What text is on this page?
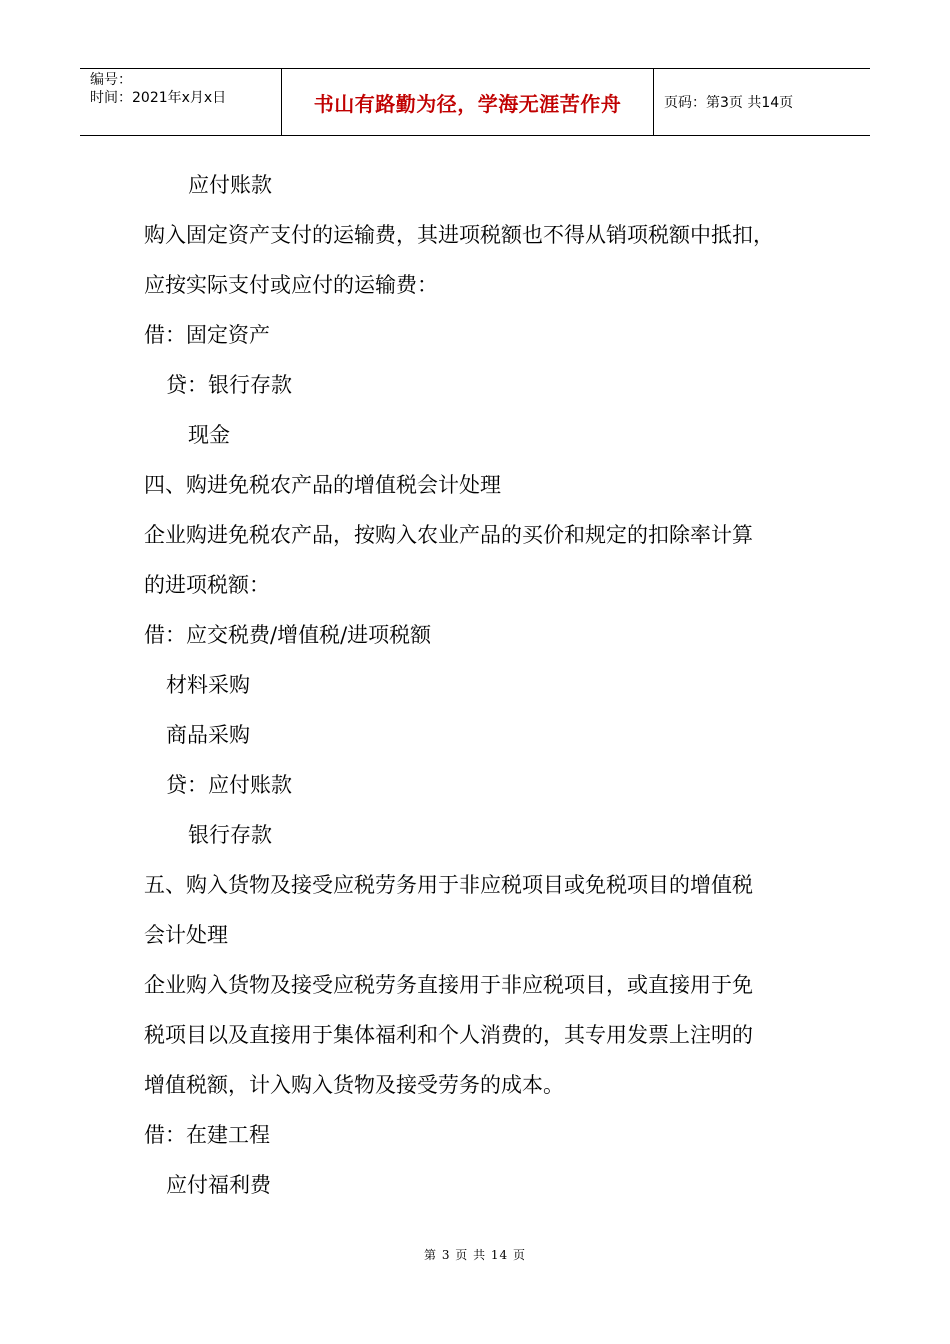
编号：
时间：2021年x月x日	书山有路勤为径，学海无涯苦作舟	页码：第3页 共14页
应付账款
购入固定资产支付的运输费，其进项税额也不得从销项税额中抵扣，
应按实际支付或应付的运输费：
借：固定资产
贷：银行存款
现金
四、购进免税农产品的增值税会计处理
企业购进免税农产品，按购入农业产品的买价和规定的扣除率计算
的进项税额：
借：应交税费/增值税/进项税额
材料采购
商品采购
贷：应付账款
银行存款
五、购入货物及接受应税劳务用于非应税项目或免税项目的增值税
会计处理
企业购入货物及接受应税劳务直接用于非应税项目，或直接用于免
税项目以及直接用于集体福利和个人消费的，其专用发票上注明的
增值税额，计入购入货物及接受劳务的成本。
借：在建工程
应付福利费
第 3 页 共 14 页
